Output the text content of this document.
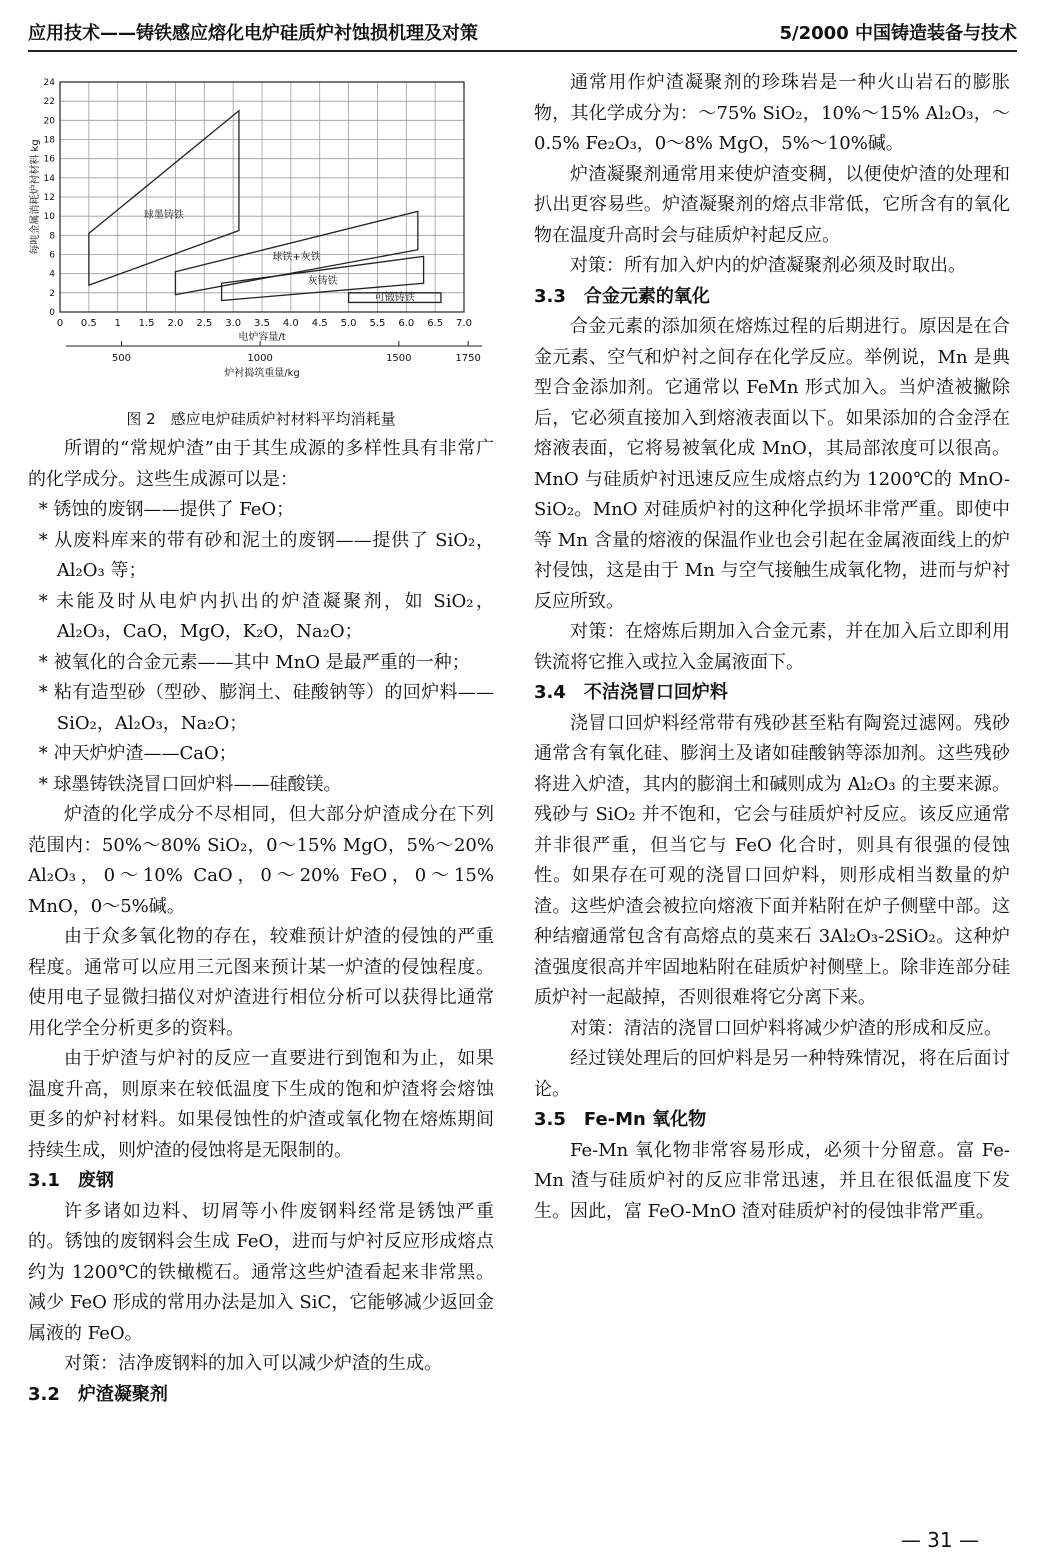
应用技术——铸铁感应熔化电炉硅质炉衬蚀损机理及对策	5/2000 中国铸造装备与技术
0 0.5 1 1.5 2.0 2.5 3.0 3.5 4.0 4.5 5.0 5.5 6.0 6.5 7.0
0
2
4
6
8
10
12
14
16
18
20
22
24
电炉容量/t
每吨金属消耗炉衬材料 kg
500	1000	1500	1750
炉衬捣筑重量/kg
球墨铸铁
球铁+灰铁
灰铸铁
可锻铸铁
图 2　感应电炉硅质炉衬材料平均消耗量

所谓的“常规炉渣”由于其生成源的多样性具有非常广的化学成分。这些生成源可以是：

* 锈蚀的废钢——提供了 FeO；

* 从废料库来的带有砂和泥土的废钢——提供了 SiO₂，Al₂O₃ 等；

* 未能及时从电炉内扒出的炉渣凝聚剂，如 SiO₂，Al₂O₃，CaO，MgO，K₂O，Na₂O；

* 被氧化的合金元素——其中 MnO 是最严重的一种；

* 粘有造型砂（型砂、膨润土、硅酸钠等）的回炉料——SiO₂，Al₂O₃，Na₂O；

* 冲天炉炉渣——CaO；

* 球墨铸铁浇冒口回炉料——硅酸镁。

炉渣的化学成分不尽相同，但大部分炉渣成分在下列范围内：50%～80% SiO₂，0～15% MgO，5%～20% Al₂O₃，0～10% CaO，0～20% FeO，0～15% MnO，0～5%碱。

由于众多氧化物的存在，较难预计炉渣的侵蚀的严重程度。通常可以应用三元图来预计某一炉渣的侵蚀程度。使用电子显微扫描仪对炉渣进行相位分析可以获得比通常用化学全分析更多的资料。

由于炉渣与炉衬的反应一直要进行到饱和为止，如果温度升高，则原来在较低温度下生成的饱和炉渣将会熔蚀更多的炉衬材料。如果侵蚀性的炉渣或氧化物在熔炼期间持续生成，则炉渣的侵蚀将是无限制的。

3.1　废钢

许多诸如边料、切屑等小件废钢料经常是锈蚀严重的。锈蚀的废钢料会生成 FeO，进而与炉衬反应形成熔点约为 1200℃的铁橄榄石。通常这些炉渣看起来非常黑。减少 FeO 形成的常用办法是加入 SiC，它能够减少返回金属液的 FeO。

对策：洁净废钢料的加入可以减少炉渣的生成。

3.2　炉渣凝聚剂

通常用作炉渣凝聚剂的珍珠岩是一种火山岩石的膨胀物，其化学成分为：～75% SiO₂，10%～15% Al₂O₃，～0.5% Fe₂O₃，0～8% MgO，5%～10%碱。

炉渣凝聚剂通常用来使炉渣变稠，以便使炉渣的处理和扒出更容易些。炉渣凝聚剂的熔点非常低，它所含有的氧化物在温度升高时会与硅质炉衬起反应。

对策：所有加入炉内的炉渣凝聚剂必须及时取出。

3.3　合金元素的氧化

合金元素的添加须在熔炼过程的后期进行。原因是在合金元素、空气和炉衬之间存在化学反应。举例说，Mn 是典型合金添加剂。它通常以 FeMn 形式加入。当炉渣被撇除后，它必须直接加入到熔液表面以下。如果添加的合金浮在熔液表面，它将易被氧化成 MnO，其局部浓度可以很高。MnO 与硅质炉衬迅速反应生成熔点约为 1200℃的 MnO-SiO₂。MnO 对硅质炉衬的这种化学损坏非常严重。即使中等 Mn 含量的熔液的保温作业也会引起在金属液面线上的炉衬侵蚀，这是由于 Mn 与空气接触生成氧化物，进而与炉衬反应所致。

对策：在熔炼后期加入合金元素，并在加入后立即利用铁流将它推入或拉入金属液面下。

3.4　不洁浇冒口回炉料

浇冒口回炉料经常带有残砂甚至粘有陶瓷过滤网。残砂通常含有氧化硅、膨润土及诸如硅酸钠等添加剂。这些残砂将进入炉渣，其内的膨润土和碱则成为 Al₂O₃ 的主要来源。残砂与 SiO₂ 并不饱和，它会与硅质炉衬反应。该反应通常并非很严重，但当它与 FeO 化合时，则具有很强的侵蚀性。如果存在可观的浇冒口回炉料，则形成相当数量的炉渣。这些炉渣会被拉向熔液下面并粘附在炉子侧壁中部。这种结瘤通常包含有高熔点的莫来石 3Al₂O₃-2SiO₂。这种炉渣强度很高并牢固地粘附在硅质炉衬侧壁上。除非连部分硅质炉衬一起敲掉，否则很难将它分离下来。

对策：清洁的浇冒口回炉料将减少炉渣的形成和反应。

经过镁处理后的回炉料是另一种特殊情况，将在后面讨论。

3.5　Fe-Mn 氧化物

Fe-Mn 氧化物非常容易形成，必须十分留意。富 Fe-Mn 渣与硅质炉衬的反应非常迅速，并且在很低温度下发生。因此，富 FeO-MnO 渣对硅质炉衬的侵蚀非常严重。

— 31 —
